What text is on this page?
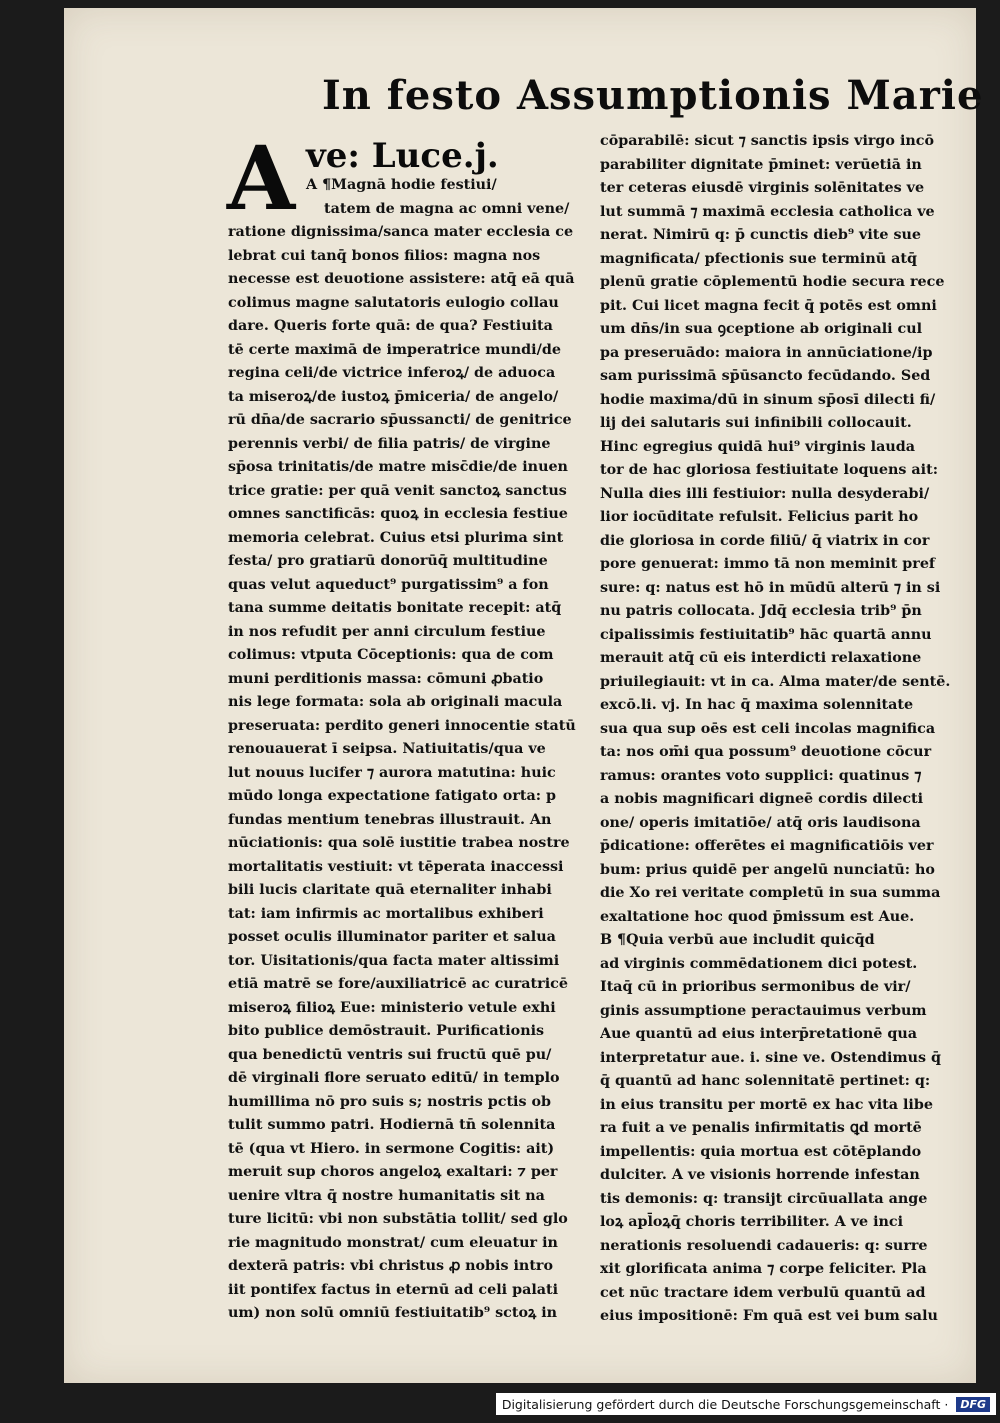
In festo Assumptionis Marie
A ve: Luce.j.
A ¶Magnā hodie festiui/
tatem de magna ac omni vene/
ratione dignissima/sanca mater ecclesia ce
lebrat cui tanq̄ bonos filios: magna nos
necesse est deuotione assistere: atq̄ eā quā
colimus magne salutatoris eulogio collau
dare. Queris forte quā: de qua? Festiuita
tē certe maximā de imperatrice mundi/de
regina celi/de victrice inferoꝝ/ de aduoca
ta miseroꝝ/de iustoꝝ p̄miceria/ de angelo/
rū dn̄a/de sacrario sp̄ussancti/ de genitrice
perennis verbi/ de filia patris/ de virgine
sp̄osa trinitatis/de matre misc̄die/de inuen
trice gratie: per quā venit sanctoꝝ sanctus
omnes sanctificās: quoꝝ in ecclesia festiue
memoria celebrat. Cuius etsi plurima sint
festa/ pro gratiarū donorūq̄ multitudine
quas velut aqueduct⁹ purgatissim⁹ a fon
tana summe deitatis bonitate recepit: atq̄
in nos refudit per anni circulum festiue
colimus: vtputa Cōceptionis: qua de com
muni perditionis massa: cōmuni ꝓbatio
nis lege formata: sola ab originali macula
preseruata: perdito generi innocentie statū
renouauerat ī seipsa. Natiuitatis/qua ve
lut nouus lucifer ⁊ aurora matutina: huic
mūdo longa expectatione fatigato orta: p
fundas mentium tenebras illustrauit. An
nūciationis: qua solē iustitie trabea nostre
mortalitatis vestiuit: vt tēperata inaccessi
bili lucis claritate quā eternaliter inhabi
tat: iam infirmis ac mortalibus exhiberi
posset oculis illuminator pariter et salua
tor. Uisitationis/qua facta mater altissimi
etiā matrē se fore/auxiliatricē ac curatricē
miseroꝝ filioꝝ Eue: ministerio vetule exhi
bito publice demōstrauit. Purificationis
qua benedictū ventris sui fructū quē pu/
dē virginali flore seruato editū/ in templo
humillima nō pro suis s; nostris pctis ob
tulit summo patri. Hodiernā tn̄ solennita
tē (qua vt Hiero. in sermone Cogitis: ait)
meruit sup choros angeloꝝ exaltari: ⁊ per
uenire vltra q̄ nostre humanitatis sit na
ture licitū: vbi non substātia tollit/ sed glo
rie magnitudo monstrat/ cum eleuatur in
dexterā patris: vbi christus ꝓ nobis intro
iit pontifex factus in eternū ad celi palati
um) non solū omniū festiuitatib⁹ sctoꝝ in
cōparabilē: sicut ⁊ sanctis ipsis virgo incō
parabiliter dignitate p̄minet: verūetiā in
ter ceteras eiusdē virginis solēnitates ve
lut summā ⁊ maximā ecclesia catholica ve
nerat. Nimirū q: p̄ cunctis dieb⁹ vite sue
magnificata/ pfectionis sue terminū atq̄
plenū gratie cōplementū hodie secura rece
pit. Cui licet magna fecit q̄ potēs est omni
um dn̄s/in sua ꝯceptione ab originali cul
pa preseruādo: maiora in annūciatione/ip
sam purissimā sp̄ūsancto fecūdando. Sed
hodie maxima/dū in sinum sp̄osī dilecti fi/
lij dei salutaris sui infinibili collocauit.
Hinc egregius quidā hui⁹ virginis lauda
tor de hac gloriosa festiuitate loquens ait:
Nulla dies illi festiuior: nulla desyderabi/
lior iocūditate refulsit. Felicius parit ho
die gloriosa in corde filiū/ q̄ viatrix in cor
pore genuerat: immo tā non meminit pref
sure: q: natus est hō in mūdū alterū ⁊ in si
nu patris collocata. Jdq̄ ecclesia trib⁹ p̄n
cipalissimis festiuitatib⁹ hāc quartā annu
merauit atq̄ cū eis interdicti relaxatione
priuilegiauit: vt in ca. Alma mater/de sentē.
excō.li. vj. In hac q̄ maxima solennitate
sua qua sup oēs est celi incolas magnifica
ta: nos om̄i qua possum⁹ deuotione cōcur
ramus: orantes voto supplici: quatinus ⁊
a nobis magnificari digneē cordis dilecti
one/ operis imitatiōe/ atq̄ oris laudisona
p̄dicatione: offerētes ei magnificatiōis ver
bum: prius quidē per angelū nunciatū: ho
die Xo rei veritate completū in sua summa
exaltatione hoc quod p̄missum est Aue.
B ¶Quia verbū aue includit quicq̄d
ad virginis commēdationem dici potest.
Itaq̄ cū in prioribus sermonibus de vir/
ginis assumptione peractauimus verbum
Aue quantū ad eius interp̄retationē qua
interpretatur aue. i. sine ve. Ostendimus q̄
q̄ quantū ad hanc solennitatē pertinet: q:
in eius transitu per mortē ex hac vita libe
ra fuit a ve penalis infirmitatis ꝗd mortē
impellentis: quia mortua est cōtēplando
dulciter. A ve visionis horrende infestan
tis demonis: q: transijt circūuallata ange
loꝝ apl̄oꝝq̄ choris terribiliter. A ve inci
nerationis resoluendi cadaueris: q: surre
xit glorificata anima ⁊ corpe feliciter. Pla
cet nūc tractare idem verbulū quantū ad
eius impositionē: Fm quā est vei bum salu
Digitalisierung gefördert durch die Deutsche Forschungsgemeinschaft ·	DFG
